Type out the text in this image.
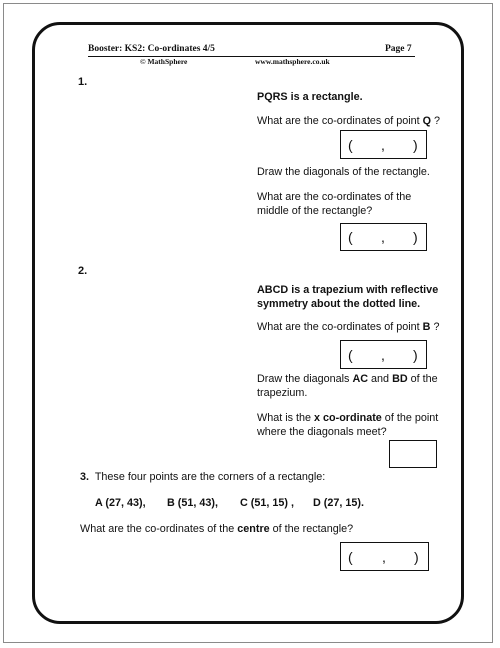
Booster: KS2: Co-ordinates 4/5	Page 7
© MathSphere	www.mathsphere.co.uk
1.
y
x
0
P (1, 6)	Q
S (1, 2)	R (8, 2)
PQRS is a rectangle.
What are the co-ordinates of point Q ?
( , )
Draw the diagonals of the rectangle.
What are the co-ordinates of the
middle of the rectangle?
( , )
2.
y
x
0
A (20, 35)	B
D (12, 10)	C (50, 10)
ABCD is a trapezium with reflective
symmetry about the dotted line.
What are the co-ordinates of point B ?
( , )
Draw the diagonals AC and BD of the
trapezium.
What is the x co-ordinate of the point
where the diagonals meet?
3. These four points are the corners of a rectangle:
A (27, 43), B (51, 43), C (51, 15) , D (27, 15).
What are the co-ordinates of the centre of the rectangle?
( , )
